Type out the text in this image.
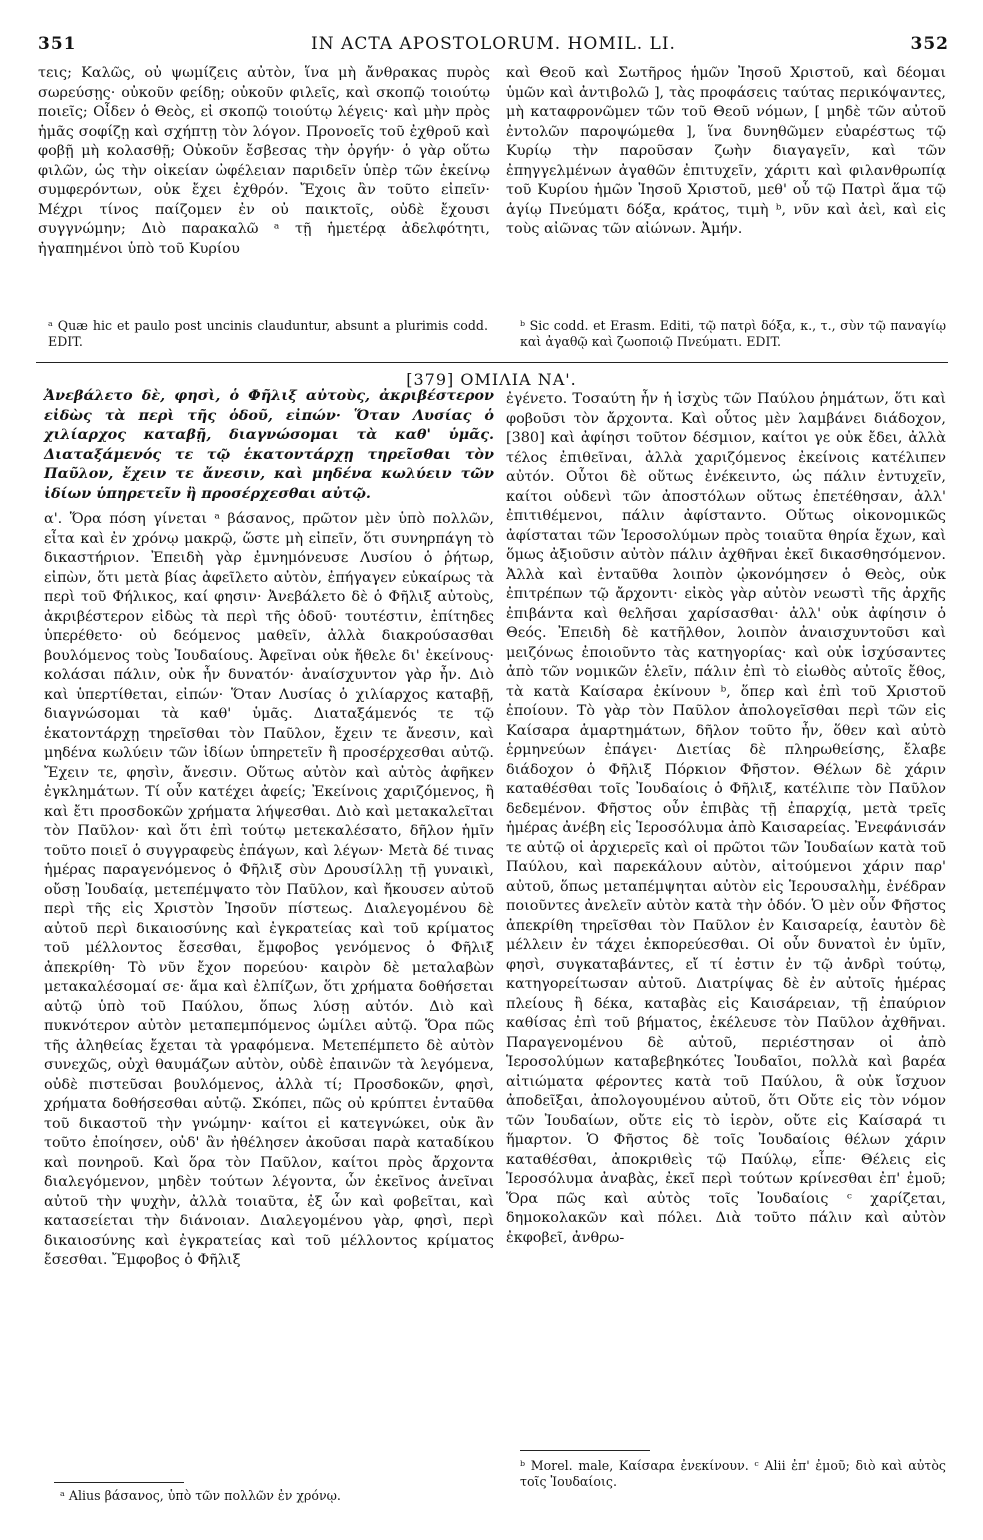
351	IN ACTA APOSTOLORUM. HOMIL. LI.	352

τεις; Καλῶς, οὐ ψωμίζεις αὐτὸν, ἵνα μὴ ἄνθρακας πυρὸς σωρεύσῃς· οὐκοῦν φείδῃ; οὐκοῦν φιλεῖς, καὶ σκοπῷ τοιούτῳ ποιεῖς; Οἶδεν ὁ Θεὸς, εἰ σκοπῷ τοιούτῳ λέγεις· καὶ μὴν πρὸς ἡμᾶς σοφίζῃ καὶ σχήπτῃ τὸν λόγον. Προνοεῖς τοῦ ἐχθροῦ καὶ φοβῇ μὴ κολασθῇ; Οὐκοῦν ἔσβεσας τὴν ὀργήν· ὁ γὰρ οὕτω φιλῶν, ὡς τὴν οἰκείαν ὠφέλειαν παριδεῖν ὑπὲρ τῶν ἐκείνῳ συμφερόντων, οὐκ ἔχει ἐχθρόν. Ἔχοις ἂν τοῦτο εἰπεῖν· Μέχρι τίνος παίζομεν ἐν οὐ παικτοῖς, οὐδὲ ἔχουσι συγγνώμην; Διὸ παρακαλῶ ᵃ τῇ ἡμετέρᾳ ἀδελφότητι, ἠγαπημένοι ὑπὸ τοῦ Κυρίου

καὶ Θεοῦ καὶ Σωτῆρος ἡμῶν Ἰησοῦ Χριστοῦ, καὶ δέομαι ὑμῶν καὶ ἀντιβολῶ ], τὰς προφάσεις ταύτας περικόψαντες, μὴ καταφρονῶμεν τῶν τοῦ Θεοῦ νόμων, [ μηδὲ τῶν αὐτοῦ ἐντολῶν παροψώμεθα ], ἵνα δυνηθῶμεν εὐαρέστως τῷ Κυρίῳ τὴν παροῦσαν ζωὴν διαγαγεῖν, καὶ τῶν ἐπηγγελμένων ἀγαθῶν ἐπιτυχεῖν, χάριτι καὶ φιλανθρωπίᾳ τοῦ Κυρίου ἡμῶν Ἰησοῦ Χριστοῦ, μεθ' οὗ τῷ Πατρὶ ἅμα τῷ ἁγίῳ Πνεύματι δόξα, κράτος, τιμὴ ᵇ, νῦν καὶ ἀεὶ, καὶ εἰς τοὺς αἰῶνας τῶν αἰώνων. Ἀμήν.

ᵃ Quæ hic et paulo post uncinis clauduntur, absunt a plurimis codd. EDIT.
ᵇ Sic codd. et Erasm. Editi, τῷ πατρὶ δόξα, κ., τ., σὺν τῷ παναγίῳ καὶ ἀγαθῷ καὶ ζωοποιῷ Πνεύματι. EDIT.
[379] ΟΜΙΛΙΑ ΝΑ'.

Ἀνεβάλετο δὲ, φησὶ, ὁ Φῆλιξ αὐτοὺς, ἀκριβέστερον εἰδὼς τὰ περὶ τῆς ὁδοῦ, εἰπών· Ὅταν Λυσίας ὁ χιλίαρχος καταβῇ, διαγνώσομαι τὰ καθ' ὑμᾶς. Διαταξάμενός τε τῷ ἑκατοντάρχῃ τηρεῖσθαι τὸν Παῦλον, ἔχειν τε ἄνεσιν, καὶ μηδένα κωλύειν τῶν ἰδίων ὑπηρετεῖν ἢ προσέρχεσθαι αὐτῷ.

α'. Ὅρα πόση γίνεται ᵃ βάσανος, πρῶτον μὲν ὑπὸ πολλῶν, εἶτα καὶ ἐν χρόνῳ μακρῷ, ὥστε μὴ εἰπεῖν, ὅτι συνηρπάγη τὸ δικαστήριον. Ἐπειδὴ γὰρ ἐμνημόνευσε Λυσίου ὁ ῥήτωρ, εἰπὼν, ὅτι μετὰ βίας ἀφεῖλετο αὐτὸν, ἐπήγαγεν εὐκαίρως τὰ περὶ τοῦ Φήλικος, καί φησιν· Ἀνεβάλετο δὲ ὁ Φῆλιξ αὐτοὺς, ἀκριβέστερον εἰδὼς τὰ περὶ τῆς ὁδοῦ· τουτέστιν, ἐπίτηδες ὑπερέθετο· οὐ δεόμενος μαθεῖν, ἀλλὰ διακρούσασθαι βουλόμενος τοὺς Ἰουδαίους. Ἀφεῖναι οὐκ ἤθελε δι' ἐκείνους· κολάσαι πάλιν, οὐκ ἦν δυνατόν· ἀναίσχυντον γὰρ ἦν. Διὸ καὶ ὑπερτίθεται, εἰπών· Ὅταν Λυσίας ὁ χιλίαρχος καταβῇ, διαγνώσομαι τὰ καθ' ὑμᾶς. Διαταξάμενός τε τῷ ἑκατοντάρχῃ τηρεῖσθαι τὸν Παῦλον, ἔχειν τε ἄνεσιν, καὶ μηδένα κωλύειν τῶν ἰδίων ὑπηρετεῖν ἢ προσέρχεσθαι αὐτῷ. Ἔχειν τε, φησὶν, ἄνεσιν. Οὕτως αὐτὸν καὶ αὐτὸς ἀφῆκεν ἐγκλημάτων. Τί οὖν κατέχει ἀφείς; Ἐκείνοις χαριζόμενος, ἢ καὶ ἔτι προσδοκῶν χρήματα λήψεσθαι. Διὸ καὶ μετακαλεῖται τὸν Παῦλον· καὶ ὅτι ἐπὶ τούτῳ μετεκαλέσατο, δῆλον ἡμῖν τοῦτο ποιεῖ ὁ συγγραφεὺς ἐπάγων, καὶ λέγων· Μετὰ δέ τινας ἡμέρας παραγενόμενος ὁ Φῆλιξ σὺν Δρουσίλλῃ τῇ γυναικὶ, οὔσῃ Ἰουδαίᾳ, μετεπέμψατο τὸν Παῦλον, καὶ ἤκουσεν αὐτοῦ περὶ τῆς εἰς Χριστὸν Ἰησοῦν πίστεως. Διαλεγομένου δὲ αὐτοῦ περὶ δικαιοσύνης καὶ ἐγκρατείας καὶ τοῦ κρίματος τοῦ μέλλοντος ἔσεσθαι, ἔμφοβος γενόμενος ὁ Φῆλιξ ἀπεκρίθη· Τὸ νῦν ἔχον πορεύου· καιρὸν δὲ μεταλαβὼν μετακαλέσομαί σε· ἅμα καὶ ἐλπίζων, ὅτι χρήματα δοθήσεται αὐτῷ ὑπὸ τοῦ Παύλου, ὅπως λύσῃ αὐτόν. Διὸ καὶ πυκνότερον αὐτὸν μεταπεμπόμενος ὡμίλει αὐτῷ. Ὅρα πῶς τῆς ἀληθείας ἔχεται τὰ γραφόμενα. Μετεπέμπετο δὲ αὐτὸν συνεχῶς, οὐχὶ θαυμάζων αὐτὸν, οὐδὲ ἐπαινῶν τὰ λεγόμενα, οὐδὲ πιστεῦσαι βουλόμενος, ἀλλὰ τί; Προσδοκῶν, φησὶ, χρήματα δοθήσεσθαι αὐτῷ. Σκόπει, πῶς οὐ κρύπτει ἐνταῦθα τοῦ δικαστοῦ τὴν γνώμην· καίτοι εἰ κατεγνώκει, οὐκ ἂν τοῦτο ἐποίησεν, οὐδ' ἂν ἠθέλησεν ἀκοῦσαι παρὰ καταδίκου καὶ πονηροῦ. Καὶ ὅρα τὸν Παῦλον, καίτοι πρὸς ἄρχοντα διαλεγόμενον, μηδὲν τούτων λέγοντα, ὧν ἐκεῖνος ἀνεῖναι αὐτοῦ τὴν ψυχὴν, ἀλλὰ τοιαῦτα, ἐξ ὧν καὶ φοβεῖται, καὶ κατασείεται τὴν διάνοιαν. Διαλεγομένου γὰρ, φησὶ, περὶ δικαιοσύνης καὶ ἐγκρατείας καὶ τοῦ μέλλοντος κρίματος ἔσεσθαι. Ἔμφοβος ὁ Φῆλιξ

ἐγένετο. Τοσαύτη ἦν ἡ ἰσχὺς τῶν Παύλου ῥημάτων, ὅτι καὶ φοβοῦσι τὸν ἄρχοντα. Καὶ οὗτος μὲν λαμβάνει διάδοχον, [380] καὶ ἀφίησι τοῦτον δέσμιον, καίτοι γε οὐκ ἔδει, ἀλλὰ τέλος ἐπιθεῖναι, ἀλλὰ χαριζόμενος ἐκείνοις κατέλιπεν αὐτόν. Οὗτοι δὲ οὕτως ἐνέκειντο, ὡς πάλιν ἐντυχεῖν, καίτοι οὐδενὶ τῶν ἀποστόλων οὕτως ἐπετέθησαν, ἀλλ' ἐπιτιθέμενοι, πάλιν ἀφίσταντο. Οὕτως οἰκονομικῶς ἀφίσταται τῶν Ἱεροσολύμων πρὸς τοιαῦτα θηρία ἔχων, καὶ ὅμως ἀξιοῦσιν αὐτὸν πάλιν ἀχθῆναι ἐκεῖ δικασθησόμενον. Ἀλλὰ καὶ ἐνταῦθα λοιπὸν ᾠκονόμησεν ὁ Θεὸς, οὐκ ἐπιτρέπων τῷ ἄρχοντι· εἰκὸς γὰρ αὐτὸν νεωστὶ τῆς ἀρχῆς ἐπιβάντα καὶ θελῆσαι χαρίσασθαι· ἀλλ' οὐκ ἀφίησιν ὁ Θεός. Ἐπειδὴ δὲ κατῆλθον, λοιπὸν ἀναισχυντοῦσι καὶ μειζόνως ἐποιοῦντο τὰς κατηγορίας· καὶ οὐκ ἰσχύσαντες ἀπὸ τῶν νομικῶν ἑλεῖν, πάλιν ἐπὶ τὸ εἰωθὸς αὐτοῖς ἔθος, τὰ κατὰ Καίσαρα ἐκίνουν ᵇ, ὅπερ καὶ ἐπὶ τοῦ Χριστοῦ ἐποίουν. Τὸ γὰρ τὸν Παῦλον ἀπολογεῖσθαι περὶ τῶν εἰς Καίσαρα ἁμαρτημάτων, δῆλον τοῦτο ἦν, ὅθεν καὶ αὐτὸ ἑρμηνεύων ἐπάγει· Διετίας δὲ πληρωθείσης, ἔλαβε διάδοχον ὁ Φῆλιξ Πόρκιον Φῆστον. Θέλων δὲ χάριν καταθέσθαι τοῖς Ἰουδαίοις ὁ Φῆλιξ, κατέλιπε τὸν Παῦλον δεδεμένον. Φῆστος οὖν ἐπιβὰς τῇ ἐπαρχίᾳ, μετὰ τρεῖς ἡμέρας ἀνέβη εἰς Ἱεροσόλυμα ἀπὸ Καισαρείας. Ἐνεφάνισάν τε αὐτῷ οἱ ἀρχιερεῖς καὶ οἱ πρῶτοι τῶν Ἰουδαίων κατὰ τοῦ Παύλου, καὶ παρεκάλουν αὐτὸν, αἰτούμενοι χάριν παρ' αὐτοῦ, ὅπως μεταπέμψηται αὐτὸν εἰς Ἱερουσαλὴμ, ἐνέδραν ποιοῦντες ἀνελεῖν αὐτὸν κατὰ τὴν ὁδόν. Ὁ μὲν οὖν Φῆστος ἀπεκρίθη τηρεῖσθαι τὸν Παῦλον ἐν Καισαρείᾳ, ἑαυτὸν δὲ μέλλειν ἐν τάχει ἐκπορεύεσθαι. Οἱ οὖν δυνατοὶ ἐν ὑμῖν, φησὶ, συγκαταβάντες, εἴ τί ἐστιν ἐν τῷ ἀνδρὶ τούτῳ, κατηγορείτωσαν αὐτοῦ. Διατρίψας δὲ ἐν αὐτοῖς ἡμέρας πλείους ἢ δέκα, καταβὰς εἰς Καισάρειαν, τῇ ἐπαύριον καθίσας ἐπὶ τοῦ βήματος, ἐκέλευσε τὸν Παῦλον ἀχθῆναι. Παραγενομένου δὲ αὐτοῦ, περιέστησαν οἱ ἀπὸ Ἱεροσολύμων καταβεβηκότες Ἰουδαῖοι, πολλὰ καὶ βαρέα αἰτιώματα φέροντες κατὰ τοῦ Παύλου, ἃ οὐκ ἴσχυον ἀποδεῖξαι, ἀπολογουμένου αὐτοῦ, ὅτι Οὔτε εἰς τὸν νόμον τῶν Ἰουδαίων, οὔτε εἰς τὸ ἱερὸν, οὔτε εἰς Καίσαρά τι ἥμαρτον. Ὁ Φῆστος δὲ τοῖς Ἰουδαίοις θέλων χάριν καταθέσθαι, ἀποκριθεὶς τῷ Παύλῳ, εἶπε· Θέλεις εἰς Ἱεροσόλυμα ἀναβὰς, ἐκεῖ περὶ τούτων κρίνεσθαι ἐπ' ἐμοῦ; Ὅρα πῶς καὶ αὐτὸς τοῖς Ἰουδαίοις ᶜ χαρίζεται, δημοκολακῶν καὶ πόλει. Διὰ τοῦτο πάλιν καὶ αὐτὸν ἐκφοβεῖ, ἀνθρω-

ᵃ Alius βάσανος, ὑπὸ τῶν πολλῶν ἐν χρόνῳ.
ᵇ Morel. male, Καίσαρα ἐνεκίνουν. ᶜ Alii ἐπ' ἐμοῦ; διὸ καὶ αὐτὸς τοῖς Ἰουδαίοις.
